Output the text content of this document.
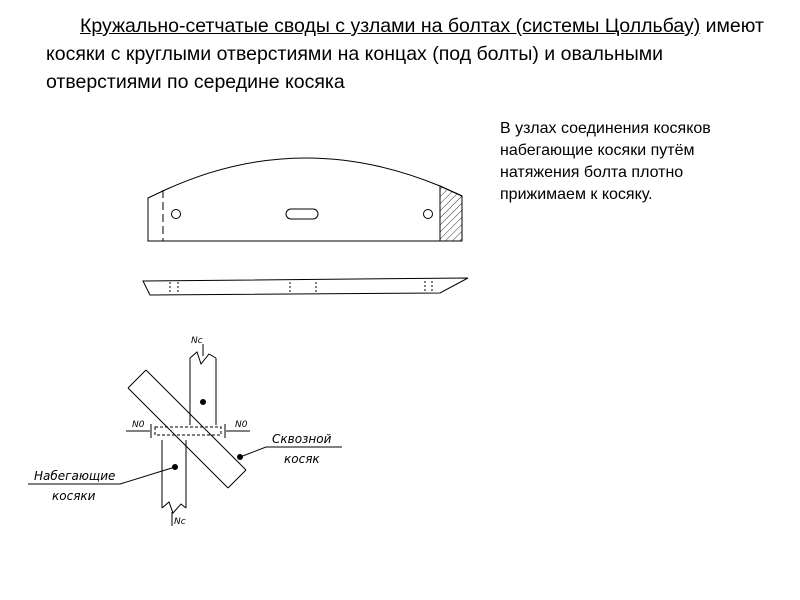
Кружально-сетчатые своды с узлами на болтах (системы Цолльбау) имеют косяки с круглыми отверстиями на концах (под болты) и овальными отверстиями по середине косяка

В узлах соединения косяков
набегающие косяки путём
натяжения болта плотно
прижимаем к косяку.

Nc
Nc
N0	N0
Сквозной
косяк
Набегающие
косяки
